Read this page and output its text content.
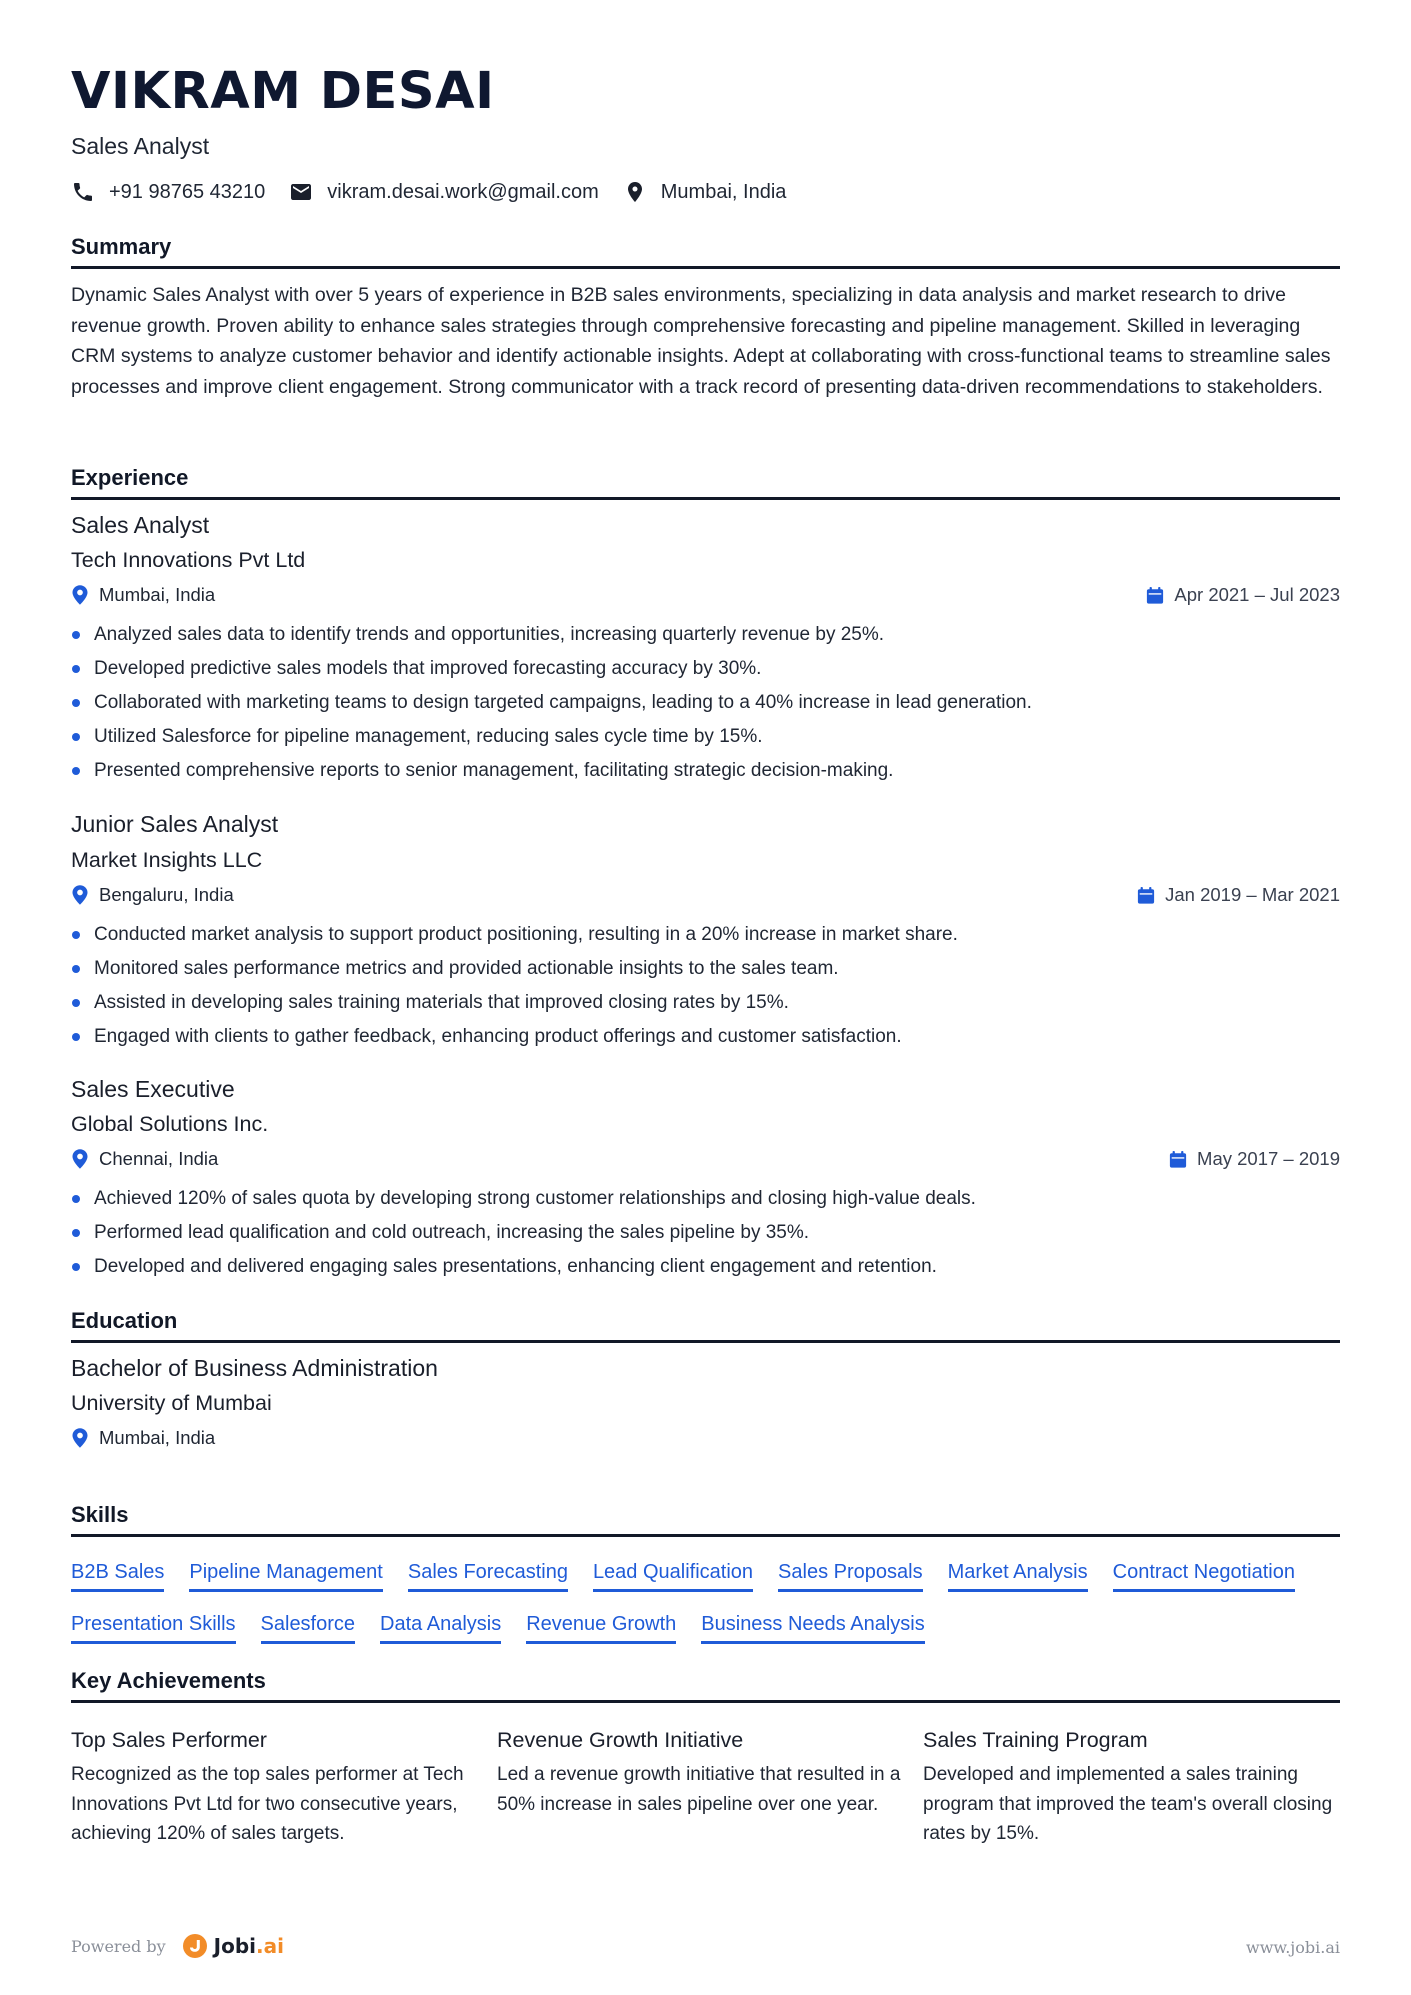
VIKRAM DESAI
Sales Analyst
+91 98765 43210	vikram.desai.work@gmail.com	Mumbai, India
Summary

Dynamic Sales Analyst with over 5 years of experience in B2B sales environments, specializing in data analysis and market research to drive revenue growth. Proven ability to enhance sales strategies through comprehensive forecasting and pipeline management. Skilled in leveraging CRM systems to analyze customer behavior and identify actionable insights. Adept at collaborating with cross-functional teams to streamline sales processes and improve client engagement. Strong communicator with a track record of presenting data-driven recommendations to stakeholders.

Experience
Sales Analyst
Tech Innovations Pvt Ltd
Mumbai, India	Apr 2021 – Jul 2023
Analyzed sales data to identify trends and opportunities, increasing quarterly revenue by 25%.
Developed predictive sales models that improved forecasting accuracy by 30%.
Collaborated with marketing teams to design targeted campaigns, leading to a 40% increase in lead generation.
Utilized Salesforce for pipeline management, reducing sales cycle time by 15%.
Presented comprehensive reports to senior management, facilitating strategic decision-making.
Junior Sales Analyst
Market Insights LLC
Bengaluru, India	Jan 2019 – Mar 2021
Conducted market analysis to support product positioning, resulting in a 20% increase in market share.
Monitored sales performance metrics and provided actionable insights to the sales team.
Assisted in developing sales training materials that improved closing rates by 15%.
Engaged with clients to gather feedback, enhancing product offerings and customer satisfaction.
Sales Executive
Global Solutions Inc.
Chennai, India	May 2017 – 2019
Achieved 120% of sales quota by developing strong customer relationships and closing high-value deals.
Performed lead qualification and cold outreach, increasing the sales pipeline by 35%.
Developed and delivered engaging sales presentations, enhancing client engagement and retention.
Education
Bachelor of Business Administration
University of Mumbai
Mumbai, India
Skills
B2B Sales Pipeline Management Sales Forecasting Lead Qualification Sales Proposals Market Analysis Contract Negotiation
Presentation Skills Salesforce Data Analysis Revenue Growth Business Needs Analysis
Key Achievements
Top Sales Performer

Recognized as the top sales performer at Tech Innovations Pvt Ltd for two consecutive years, achieving 120% of sales targets.

Revenue Growth Initiative

Led a revenue growth initiative that resulted in a 50% increase in sales pipeline over one year.

Sales Training Program

Developed and implemented a sales training program that improved the team's overall closing rates by 15%.

Powered by Jobi.ai	www.jobi.ai
